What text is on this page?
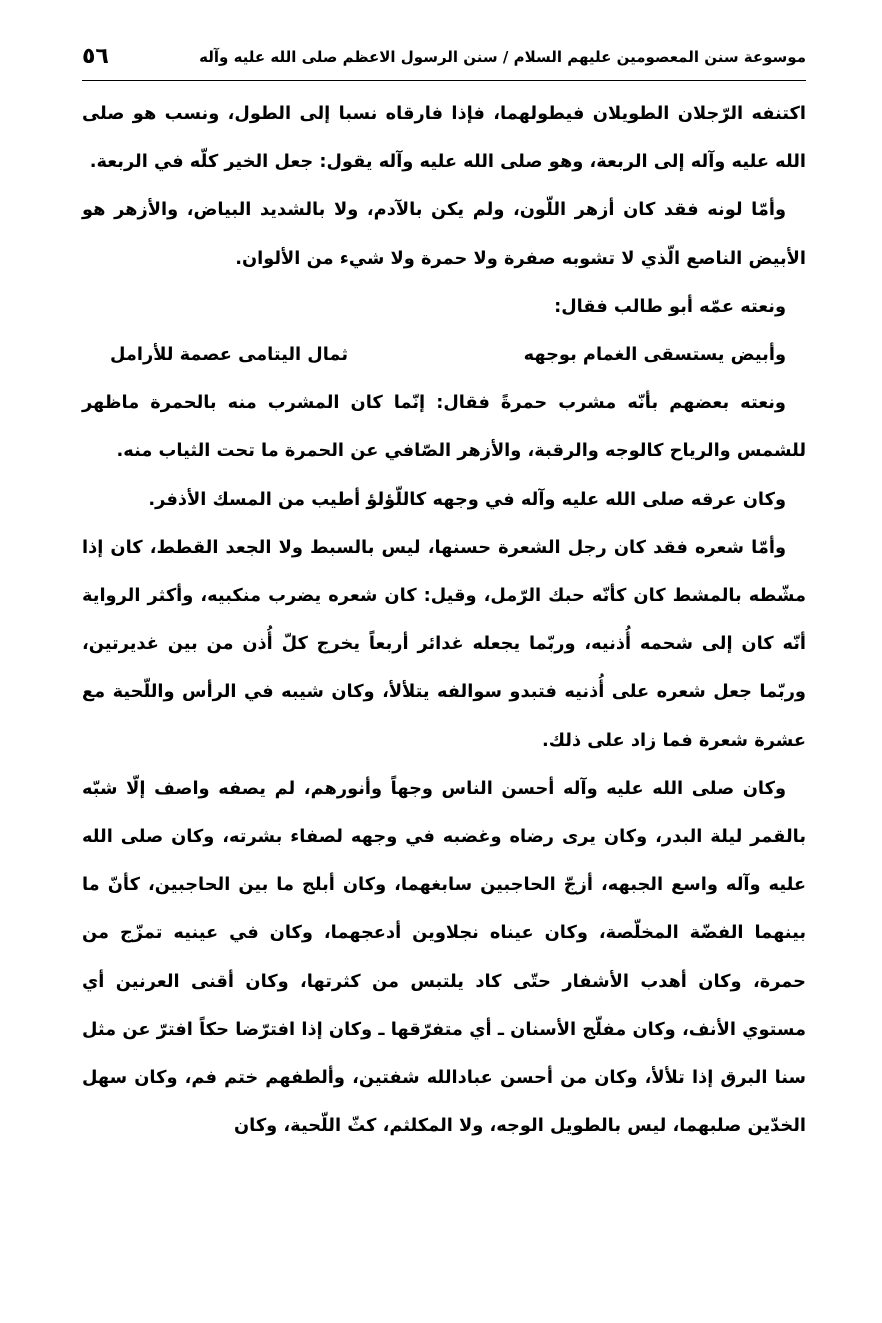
٥٦	موسوعة سنن المعصومين عليهم السلام / سنن الرسول الاعظم صلى الله عليه وآله

اكتنفه الرّجلان الطويلان فيطولهما، فإذا فارقاه نسبا إلى الطول، ونسب هو صلى الله عليه وآله إلى الربعة، وهو صلى الله عليه وآله يقول: جعل الخير كلّه في الربعة.

وأمّا لونه فقد كان أزهر اللّون، ولم يكن بالآدم، ولا بالشديد البياض، والأزهر هو الأبيض الناصع الّذي لا تشوبه صفرة ولا حمرة ولا شيء من الألوان.

ونعته عمّه أبو طالب فقال:

وأبيض يستسقى الغمام بوجهه
ثمال اليتامى عصمة للأرامل

ونعته بعضهم بأنّه مشرب حمرةً فقال: إنّما كان المشرب منه بالحمرة ماظهر للشمس والرياح كالوجه والرقبة، والأزهر الصّافي عن الحمرة ما تحت الثياب منه.

وكان عرقه صلى الله عليه وآله في وجهه كاللّؤلؤ أطيب من المسك الأذفر.

وأمّا شعره فقد كان رجل الشعرة حسنها، ليس بالسبط ولا الجعد القطط، كان إذا مشّطه بالمشط كان كأنّه حبك الرّمل، وقيل: كان شعره يضرب منكبيه، وأكثر الرواية أنّه كان إلى شحمه أُذنيه، وربّما يجعله غدائر أربعاً يخرج كلّ أُذن من بين غديرتين، وربّما جعل شعره على أُذنيه فتبدو سوالفه يتلألأ، وكان شيبه في الرأس واللّحية مع عشرة شعرة فما زاد على ذلك.

وكان صلى الله عليه وآله أحسن الناس وجهاً وأنورهم، لم يصفه واصف إلّا شبّه بالقمر ليلة البدر، وكان يرى رضاه وغضبه في وجهه لصفاء بشرته، وكان صلى الله عليه وآله واسع الجبهه، أزجّ الحاجبين سابغهما، وكان أبلج ما بين الحاجبين، كأنّ ما بينهما الفضّة المخلّصة، وكان عيناه نجلاوين أدعجهما، وكان في عينيه تمزّج من حمرة، وكان أهدب الأشفار حتّى كاد يلتبس من كثرتها، وكان أقنى العرنين أي مستوي الأنف، وكان مفلّج الأسنان ـ أي متفرّقها ـ وكان إذا افترّضا حكاً افترّ عن مثل سنا البرق إذا تلألأ، وكان من أحسن عبادالله شفتين، وألطفهم ختم فم، وكان سهل الخدّين صلبهما، ليس بالطويل الوجه، ولا المكلثم، كثّ اللّحية، وكان
